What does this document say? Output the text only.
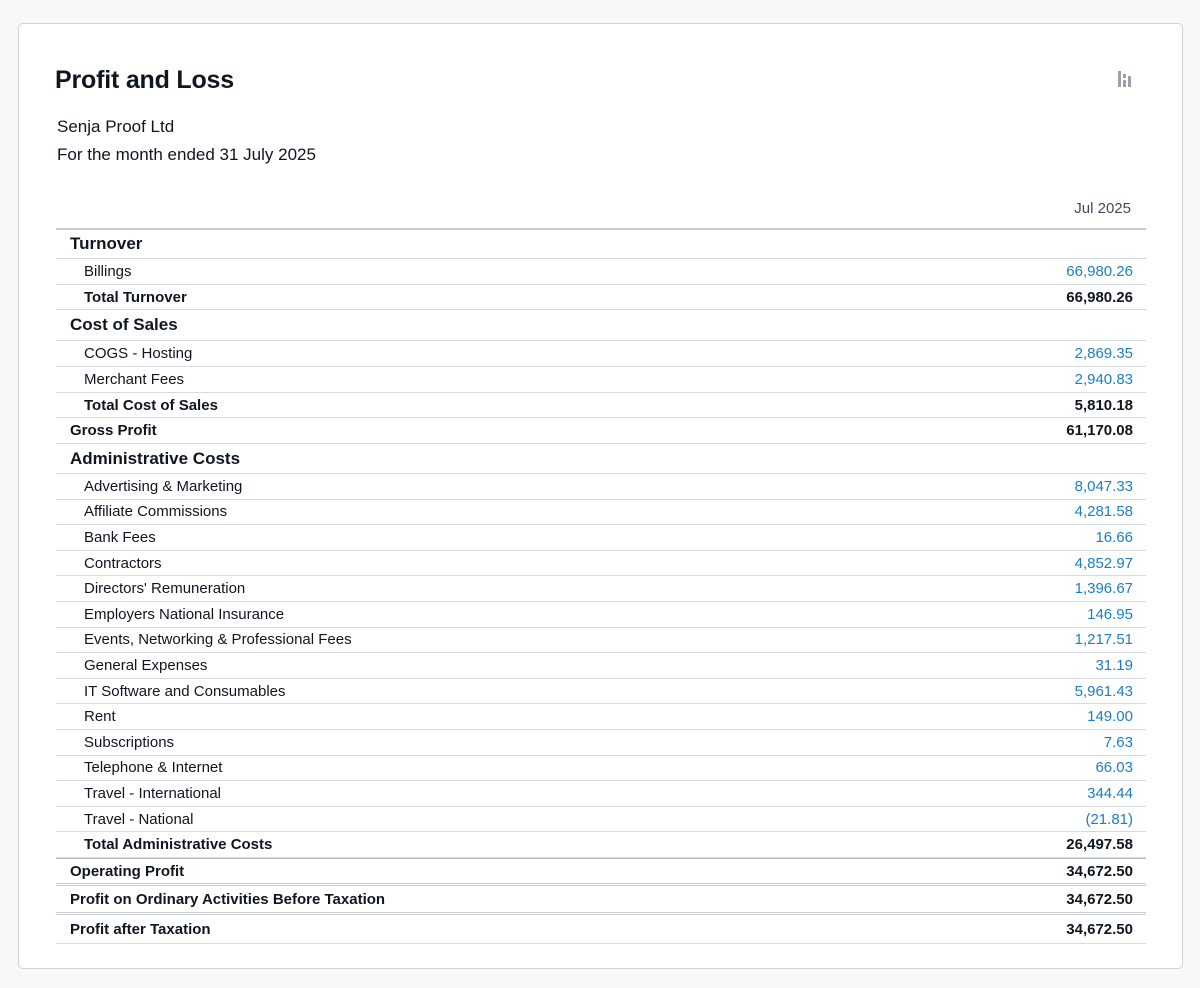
Profit and Loss
Senja Proof Ltd
For the month ended 31 July 2025
Jul 2025
Turnover
Billings	66,980.26
Total Turnover	66,980.26
Cost of Sales
COGS - Hosting	2,869.35
Merchant Fees	2,940.83
Total Cost of Sales	5,810.18
Gross Profit	61,170.08
Administrative Costs
Advertising & Marketing	8,047.33
Affiliate Commissions	4,281.58
Bank Fees	16.66
Contractors	4,852.97
Directors' Remuneration	1,396.67
Employers National Insurance	146.95
Events, Networking & Professional Fees	1,217.51
General Expenses	31.19
IT Software and Consumables	5,961.43
Rent	149.00
Subscriptions	7.63
Telephone & Internet	66.03
Travel - International	344.44
Travel - National	(21.81)
Total Administrative Costs	26,497.58
Operating Profit	34,672.50
Profit on Ordinary Activities Before Taxation	34,672.50
Profit after Taxation	34,672.50
